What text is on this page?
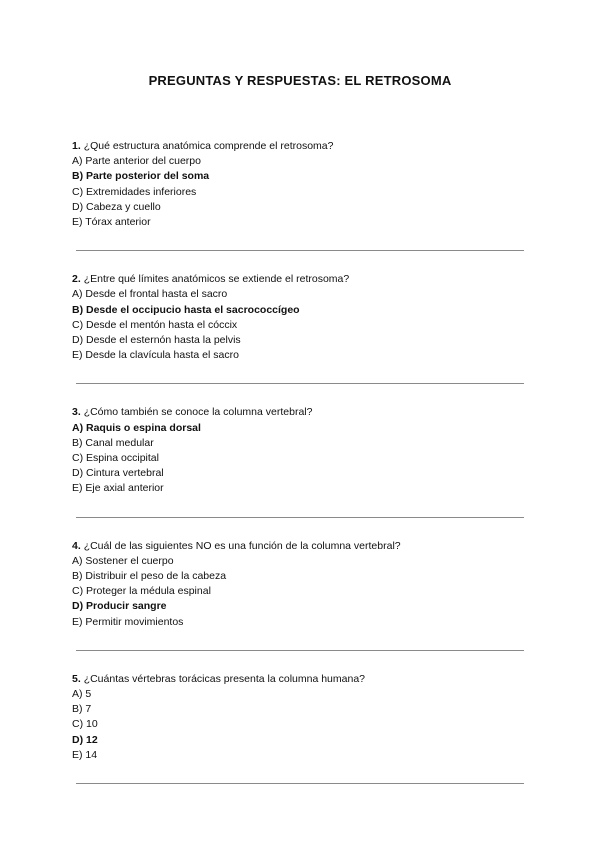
PREGUNTAS Y RESPUESTAS: EL RETROSOMA
1. ¿Qué estructura anatómica comprende el retrosoma?
A) Parte anterior del cuerpo
B) Parte posterior del soma
C) Extremidades inferiores
D) Cabeza y cuello
E) Tórax anterior
2. ¿Entre qué límites anatómicos se extiende el retrosoma?
A) Desde el frontal hasta el sacro
B) Desde el occipucio hasta el sacrococcígeo
C) Desde el mentón hasta el cóccix
D) Desde el esternón hasta la pelvis
E) Desde la clavícula hasta el sacro
3. ¿Cómo también se conoce la columna vertebral?
A) Raquis o espina dorsal
B) Canal medular
C) Espina occipital
D) Cintura vertebral
E) Eje axial anterior
4. ¿Cuál de las siguientes NO es una función de la columna vertebral?
A) Sostener el cuerpo
B) Distribuir el peso de la cabeza
C) Proteger la médula espinal
D) Producir sangre
E) Permitir movimientos
5. ¿Cuántas vértebras torácicas presenta la columna humana?
A) 5
B) 7
C) 10
D) 12
E) 14
